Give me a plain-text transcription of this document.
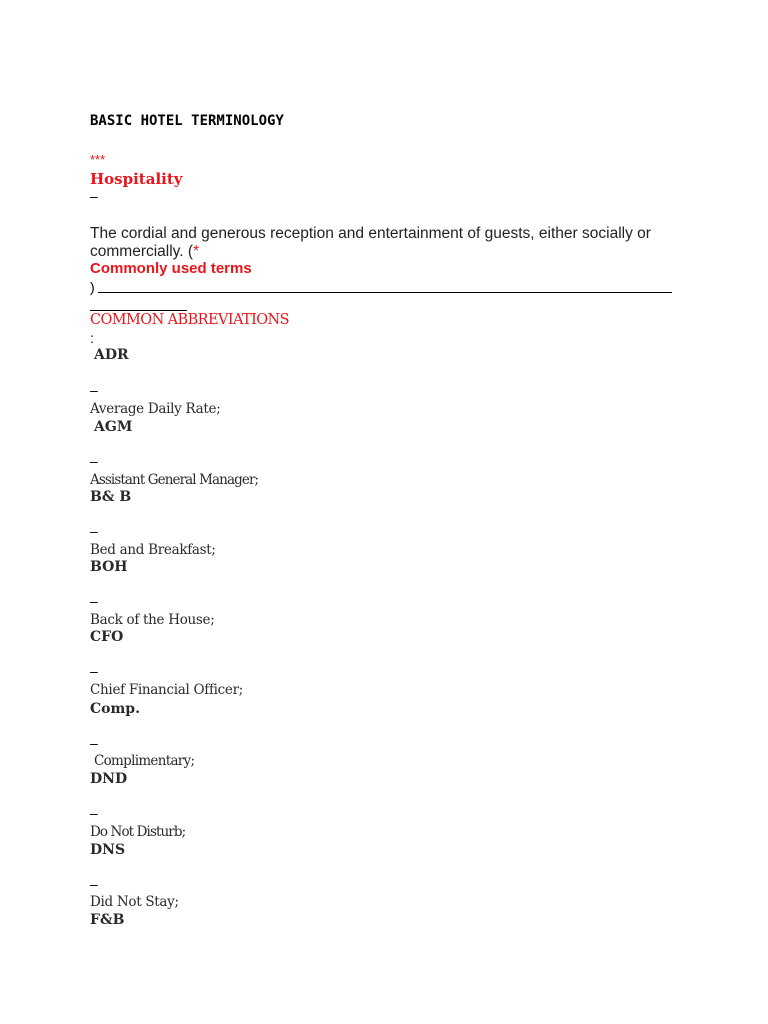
BASIC HOTEL TERMINOLOGY
***
Hospitality
–
The cordial and generous reception and entertainment of guests, either socially or
commercially. (*
Commonly used terms
)
COMMON ABBREVIATIONS
:
ADR
–
Average Daily Rate;
AGM
–
Assistant General Manager;
B& B
–
Bed and Breakfast;
BOH
–
Back of the House;
CFO
–
Chief Financial Officer;
Comp.
–
Complimentary;
DND
–
Do Not Disturb;
DNS
–
Did Not Stay;
F&B
